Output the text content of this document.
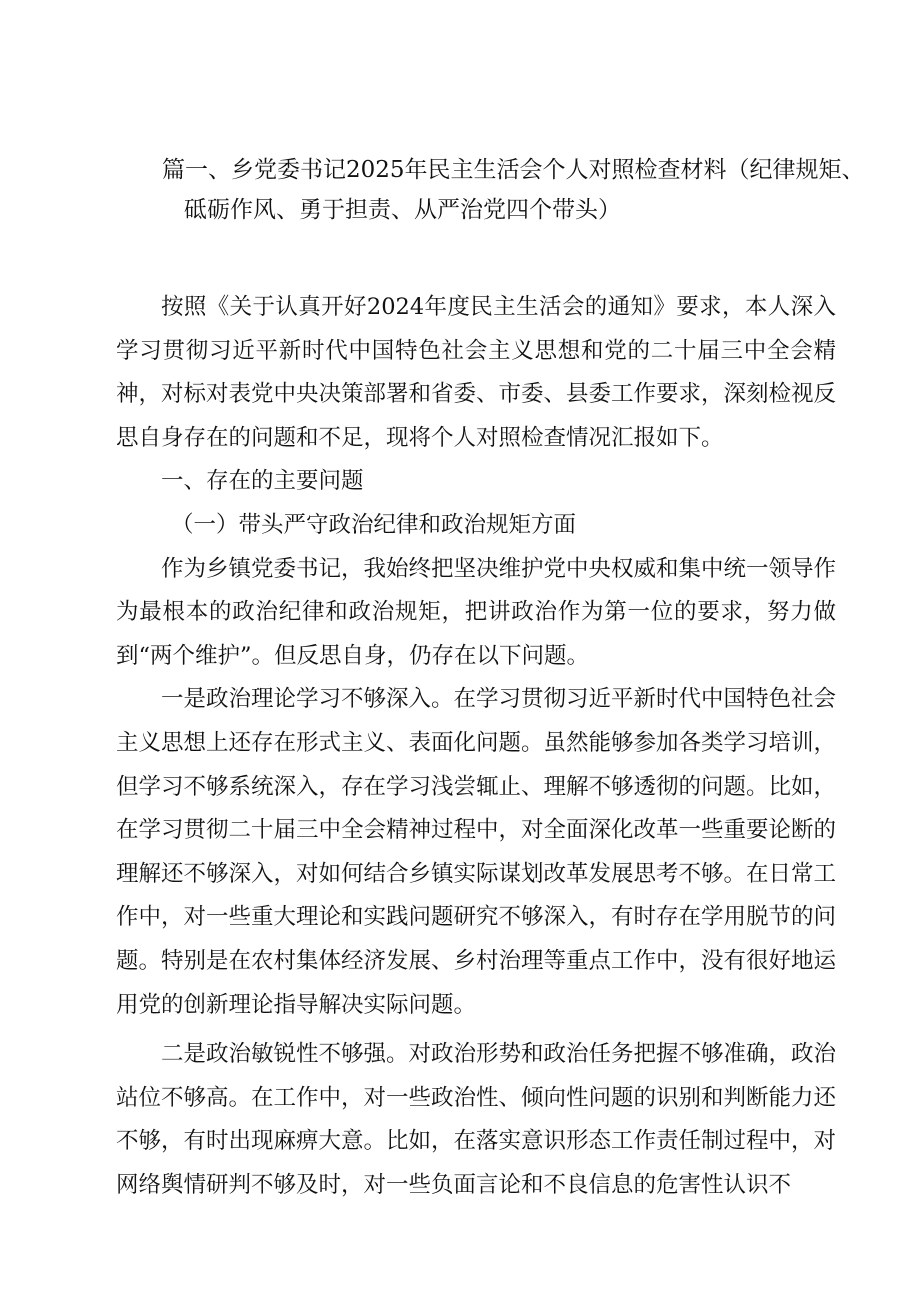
篇一、乡党委书记2025年民主生活会个人对照检查材料（纪律规矩、
砥砺作风、勇于担责、从严治党四个带头）

按照《关于认真开好2024年度民主生活会的通知》要求，本人深入学习贯彻习近平新时代中国特色社会主义思想和党的二十届三中全会精神，对标对表党中央决策部署和省委、市委、县委工作要求，深刻检视反思自身存在的问题和不足，现将个人对照检查情况汇报如下。

一、存在的主要问题

（一）带头严守政治纪律和政治规矩方面

作为乡镇党委书记，我始终把坚决维护党中央权威和集中统一领导作为最根本的政治纪律和政治规矩，把讲政治作为第一位的要求，努力做到“两个维护”。但反思自身，仍存在以下问题。

一是政治理论学习不够深入。在学习贯彻习近平新时代中国特色社会主义思想上还存在形式主义、表面化问题。虽然能够参加各类学习培训，但学习不够系统深入，存在学习浅尝辄止、理解不够透彻的问题。比如，在学习贯彻二十届三中全会精神过程中，对全面深化改革一些重要论断的理解还不够深入，对如何结合乡镇实际谋划改革发展思考不够。在日常工作中，对一些重大理论和实践问题研究不够深入，有时存在学用脱节的问题。特别是在农村集体经济发展、乡村治理等重点工作中，没有很好地运用党的创新理论指导解决实际问题。

二是政治敏锐性不够强。对政治形势和政治任务把握不够准确，政治站位不够高。在工作中，对一些政治性、倾向性问题的识别和判断能力还不够，有时出现麻痹大意。比如，在落实意识形态工作责任制过程中，对网络舆情研判不够及时，对一些负面言论和不良信息的危害性认识不
